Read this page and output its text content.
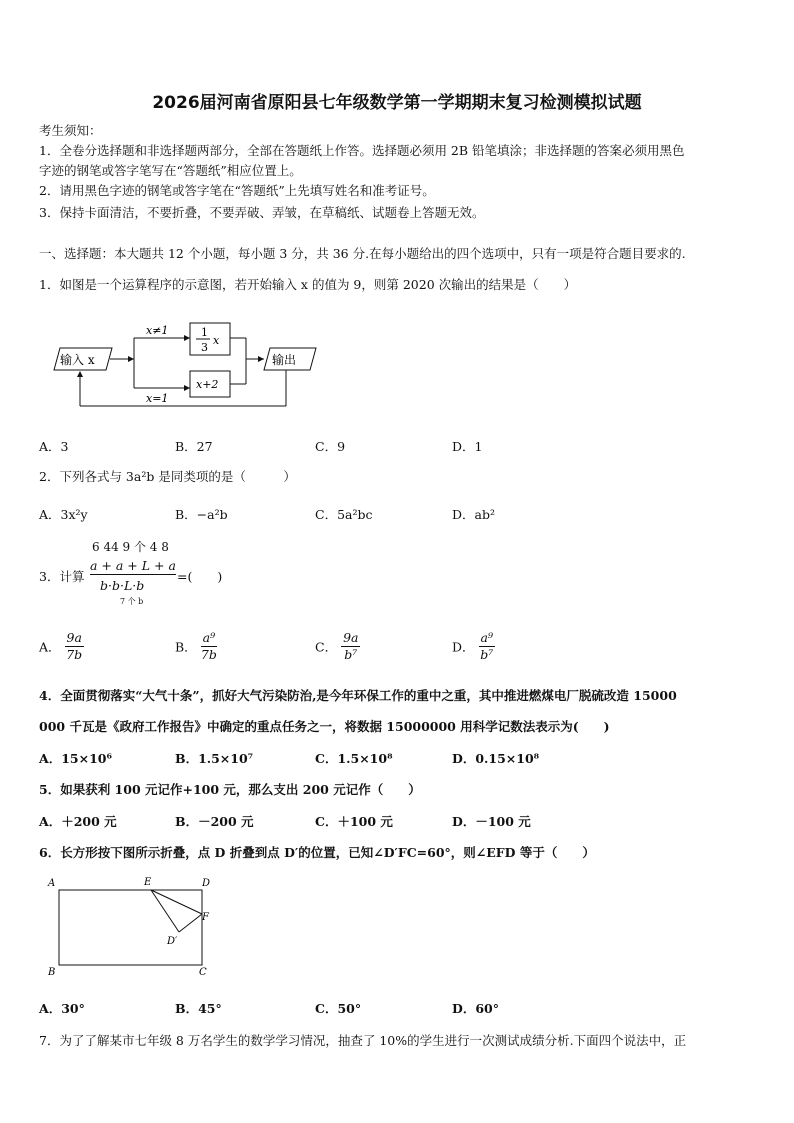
2026届河南省原阳县七年级数学第一学期期末复习检测模拟试题
考生须知：
1．全卷分选择题和非选择题两部分，全部在答题纸上作答。选择题必须用 2B 铅笔填涂；非选择题的答案必须用黑色
字迹的钢笔或答字笔写在“答题纸”相应位置上。
2．请用黑色字迹的钢笔或答字笔在“答题纸”上先填写姓名和准考证号。
3．保持卡面清洁，不要折叠，不要弄破、弄皱，在草稿纸、试题卷上答题无效。
一、选择题：本大题共 12 个小题，每小题 3 分，共 36 分.在每小题给出的四个选项中，只有一项是符合题目要求的.
1．如图是一个运算程序的示意图，若开始输入 x 的值为 9，则第 2020 次输出的结果是（　　）
输入 x
x≠1	1
3
x
x=1
x+2
输出
A．3	B．27	C．9	D．1
2．下列各式与 3a²b 是同类项的是（　　　）
A．3x²y	B．−a²b	C．5a²bc	D．ab²
3．计算
6 44 9 个 4 8
a + a + L + a
b·b·L·b
7 个 b
=(　　)
A． $\frac{9a}{7b}$	B． $\frac{\text{a⁹}}{7b}$	C． $\frac{9a}{\text{b⁷}}$	D． $\frac{\text{a⁹}}{\text{b⁷}}$
4．全面贯彻落实“大气十条”，抓好大气污染防治,是今年环保工作的重中之重，其中推进燃煤电厂脱硫改造 15000
000 千瓦是《政府工作报告》中确定的重点任务之一，将数据 15000000 用科学记数法表示为(　　)
A．15×10⁶	B．1.5×10⁷	C．1.5×10⁸	D．0.15×10⁸
5．如果获利 100 元记作+100 元，那么支出 200 元记作（　　）
A．＋200 元	B．－200 元	C．＋100 元	D．－100 元
6．长方形按下图所示折叠，点 D 折叠到点 D′的位置，已知∠D′FC=60°，则∠EFD 等于（　　）
A	E	D
F
D′
B	C
A．30°	B．45°	C．50°	D．60°
7．为了了解某市七年级 8 万名学生的数学学习情况，抽查了 10%的学生进行一次测试成绩分析.下面四个说法中，正
